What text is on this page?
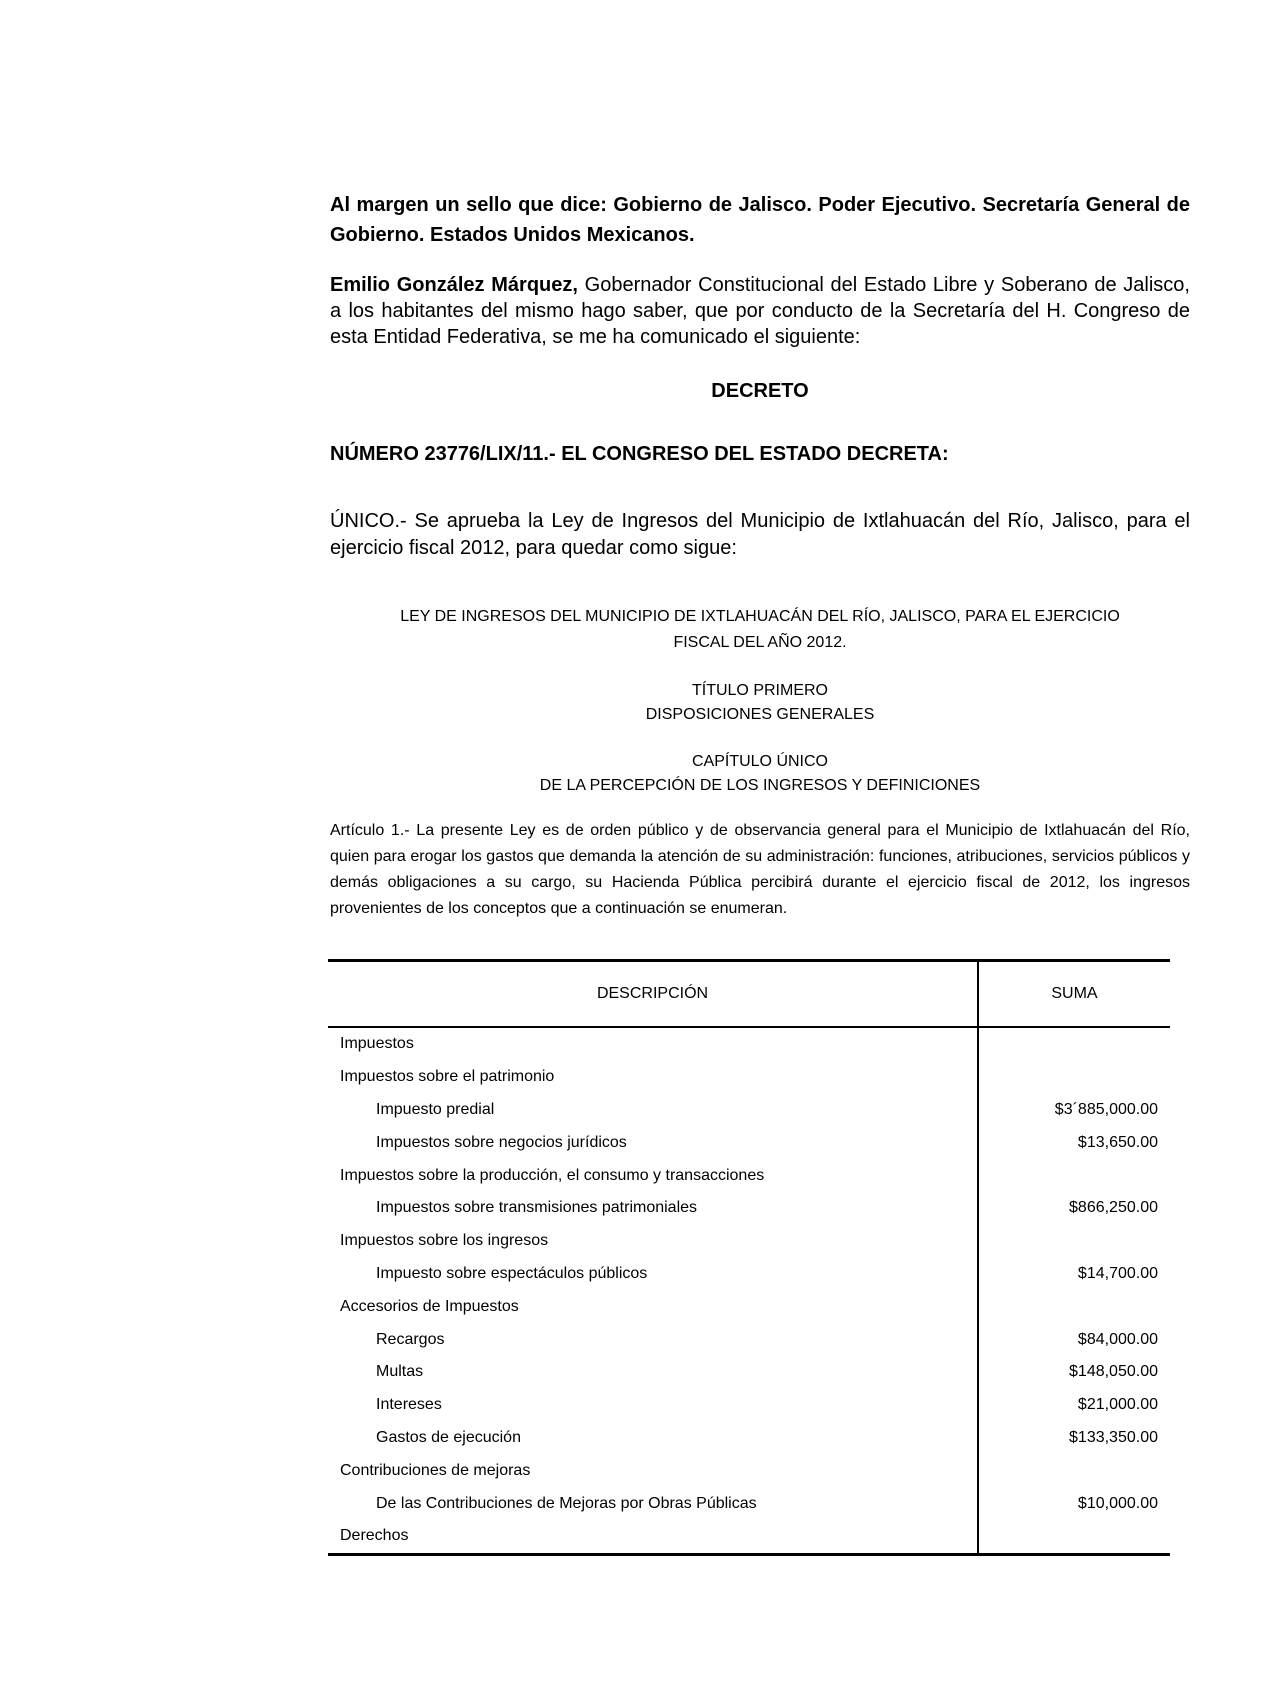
Al margen un sello que dice: Gobierno de Jalisco. Poder Ejecutivo. Secretaría General de Gobierno. Estados Unidos Mexicanos.

Emilio González Márquez, Gobernador Constitucional del Estado Libre y Soberano de Jalisco, a los habitantes del mismo hago saber, que por conducto de la Secretaría del H. Congreso de esta Entidad Federativa, se me ha comunicado el siguiente:

DECRETO

NÚMERO 23776/LIX/11.- EL CONGRESO DEL ESTADO DECRETA:

ÚNICO.- Se aprueba la Ley de Ingresos del Municipio de Ixtlahuacán del Río, Jalisco, para el ejercicio fiscal 2012, para quedar como sigue:

LEY DE INGRESOS DEL MUNICIPIO DE IXTLAHUACÁN DEL RÍO, JALISCO, PARA EL EJERCICIO
FISCAL DEL AÑO 2012.
TÍTULO PRIMERO
DISPOSICIONES GENERALES
CAPÍTULO ÚNICO
DE LA PERCEPCIÓN DE LOS INGRESOS Y DEFINICIONES

Artículo 1.- La presente Ley es de orden público y de observancia general para el Municipio de Ixtlahuacán del Río, quien para erogar los gastos que demanda la atención de su administración: funciones, atribuciones, servicios públicos y demás obligaciones a su cargo, su Hacienda Pública percibirá durante el ejercicio fiscal de 2012, los ingresos provenientes de los conceptos que a continuación se enumeran.

DESCRIPCIÓN	SUMA
Impuestos	
Impuestos sobre el patrimonio	
Impuesto predial	$3´885,000.00
Impuestos sobre negocios jurídicos	$13,650.00
Impuestos sobre la producción, el consumo y transacciones	
Impuestos sobre transmisiones patrimoniales	$866,250.00
Impuestos sobre los ingresos	
Impuesto sobre espectáculos públicos	$14,700.00
Accesorios de Impuestos	
Recargos	$84,000.00
Multas	$148,050.00
Intereses	$21,000.00
Gastos de ejecución	$133,350.00
Contribuciones de mejoras	
De las Contribuciones de Mejoras por Obras Públicas	$10,000.00
Derechos	
